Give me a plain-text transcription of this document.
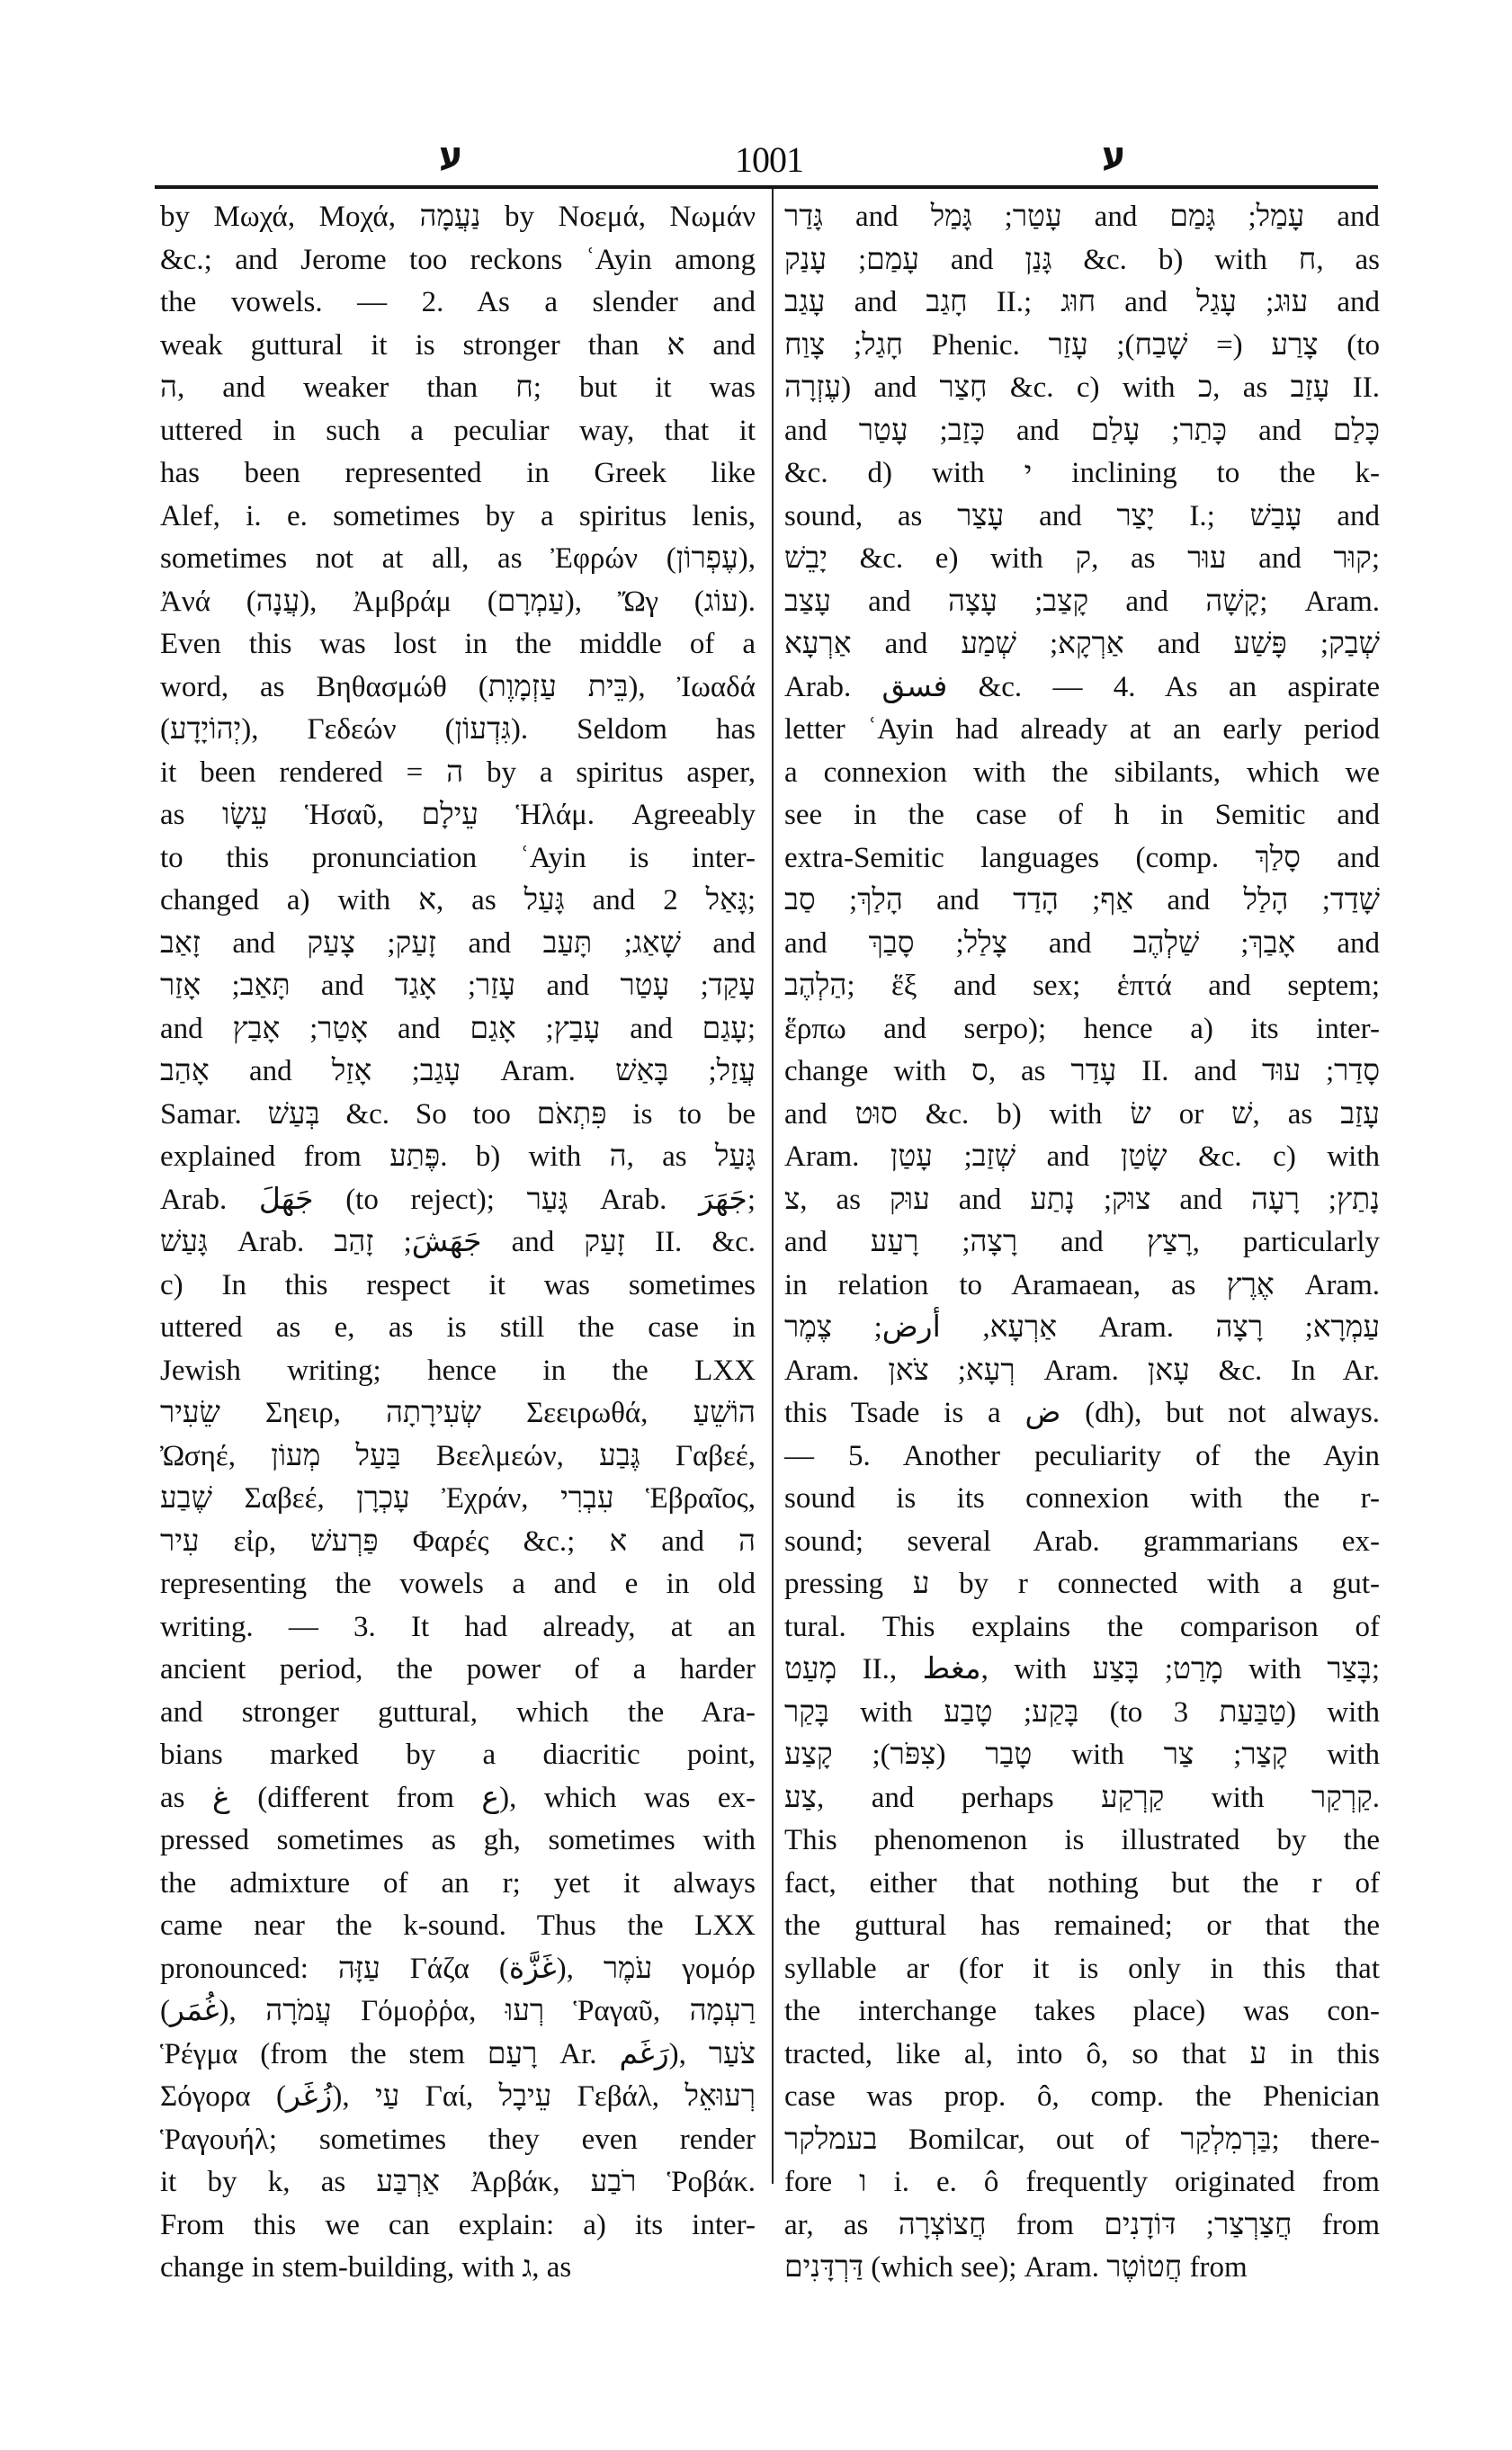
ע	1001	ע
by Μωχά, Μοχά, נַעֲמָה by Νοεμά, Νωμάν
&c.; and Jerome too reckons ʿAyin among
the vowels. — 2. As a slender and
weak guttural it is stronger than א and
ה, and weaker than ח; but it was
uttered in such a peculiar way, that it
has been represented in Greek like
Alef, i. e. sometimes by a spiritus lenis,
sometimes not at all, as Ἐφρών (עֶפְרוֹן),
Ἀνά (עֲנָה), Ἀμβράμ (עַמְרָם), Ὤγ (עוֹג).
Even this was lost in the middle of a
word, as Βηθασμώθ (בֵּית עַזְמָוֶת), Ἰωαδά
(יְהוֹיָדָע), Γεδεών (גִּדְעוֹן). Seldom has
it been rendered = ה by a spiritus asper,
as עֵשָׂו Ἡσαῦ, עֵילָם Ἡλάμ. Agreeably
to this pronunciation ʿAyin is inter-
changed a) with א, as גָּעַל and גָּאַל 2;
זָאַב and זָעַק; צָעַק and שָׁאַג; תָּעַב and
תָּאַב; אָזַר and עָזַר; אָגַד and עָקַד; עָטַר
and אָטַר; אָבַץ and עָבַץ; אָגַם and עָגַם;
אָהַב and עָגַב; אָזַל Aram. עֲזַל; בָּאַשׁ
Samar. בְּעַשׁ &c. So too פִּתְאֹם is to be
explained from פֶּתַע. b) with ה, as גָּעַל
Arab. جَهَلَ (to reject); גָּעַר Arab. جَهَرَ;
גָּעַשׁ Arab. جَهَشَ; זָהַב and זָעַק II. &c.
c) In this respect it was sometimes
uttered as e, as is still the case in
Jewish writing; hence in the LXX
שֵׂעִיר Σηειρ, שְׂעִירָתָה Σεειρωθά, הוֹשֵׁעַ
Ὠσηέ, בַּעַל מְעוֹן Βεελμεών, גֶּבַע Γαβεέ,
שֶׁבַע Σαβεέ, עָכְרָן Ἐχράν, עִבְרִי Ἑβραῖος,
עִיר εἰρ, פַּרְעשׁ Φαρές &c.; א and ה
representing the vowels a and e in old
writing. — 3. It had already, at an
ancient period, the power of a harder
and stronger guttural, which the Ara-
bians marked by a diacritic point,
as غ (different from ع), which was ex-
pressed sometimes as gh, sometimes with
the admixture of an r; yet it always
came near the k-sound. Thus the LXX
pronounced: עַזָּה Γάζα (غَزَّة), עֹמֶר γομόρ
(غُمَر), עֲמֹרָה Γόμοῤῥα, רְעוּ Ῥαγαῦ, רַעְמָה
Ῥέγμα (from the stem רָעַם Ar. رَغَم), צֹעַר
Σόγορα (زُغَر), עַי Γαί, עֵיבָל Γεβάλ, רְעוּאֵל
Ῥαγουήλ; sometimes they even render
it by k, as אַרְבַּע Ἀρβάκ, רֹבַע Ῥοβάκ.
From this we can explain: a) its inter-
change in stem-building, with ג, as
גָּדַר and עָטַר; גָּמַל and עָמַל; גָּמַם and
עָמַם; עָנַק and גָּנַן &c. b) with ח, as
עָגַב and חָגַב II.; חוּג and עוּג; עָגַל and
חָגַל; צָוַח Phenic. צָרַע (= שָׁבַח); עָזַר (to
עֶזְרָה) and חָצַר &c. c) with כ, as עָזַב II.
and כָּזַב; עָטַר and כָּתַר; עָלַם and כָּלַם
&c. d) with י inclining to the k-
sound, as עָצַר and יָצַר I.; עָבַשׁ and
יָבֵשׁ &c. e) with ק, as עוּר and קוּר;
עָצַב and קָצַב; עָצָה and קָשָׁה; Aram.
אַרְעָא and אַרְקָא; שְׁמַע and שְׁבַק; פָּשַׁע
Arab. فسق &c. — 4. As an aspirate
letter ʿAyin had already at an early period
a connexion with the sibilants, which we
see in the case of h in Semitic and
extra-Semitic languages (comp. סָלַךְ and
הָלַךְ; סַב and אַף; הָדַד and שָׁדַד; הָלַל
and צָלַל; סָבַךְ and אָבַךְ; שַׁלְהֶב and
הַלְהֶב; ἕξ and sex; ἑπτά and septem;
ἕρπω and serpo); hence a) its inter-
change with ס, as עָדַר II. and סָדַר; עוּד
and סוּט &c. b) with שׂ or שׁ, as עָזַב
Aram. שְׁזַב; עָטַן and שָׂטַן &c. c) with
צ, as עוּק and צוּק; נָתַע and נָתַץ; רָעָה
and רָצָה; רָעַע and רָצַץ, particularly
in relation to Aramaean, as אֶרֶץ Aram.
אַרְעָא, أرض; צֶמֶר Aram. עַמְרָא; רָצָה
Aram. רְעָא; צֹאן Aram. עָאן &c. In Ar.
this Tsade is a ض (dh), but not always.
— 5. Another peculiarity of the Ayin
sound is its connexion with the r-
sound; several Arab. grammarians ex-
pressing ע by r connected with a gut-
tural. This explains the comparison of
מָעַט II., مغط, with מָרַט; בָּצַע with בָּצַר;
בָּקַר with בָּקַע; טָבַע (to טַבַּעַת 3) with
טָבַר (צִפֹּר); קָצַע with קָצַר; צַר with
צַע, and perhaps קַרְקַע with קַרְקַר.
This phenomenon is illustrated by the
fact, either that nothing but the r of
the guttural has remained; or that the
syllable ar (for it is only in this that
the interchange takes place) was con-
tracted, like al, into ô, so that ע in this
case was prop. ô, comp. the Phenician
בעמלקר Bomilcar, out of בַּרְמִלְקַר; there-
fore ו i. e. ô frequently originated from
ar, as חֲצוֹצְרָה from חֲצַרְצַר; דּוֹדָנִים from
דַּרְדָּנִים (which see); Aram. חֲטוֹטֶר from
